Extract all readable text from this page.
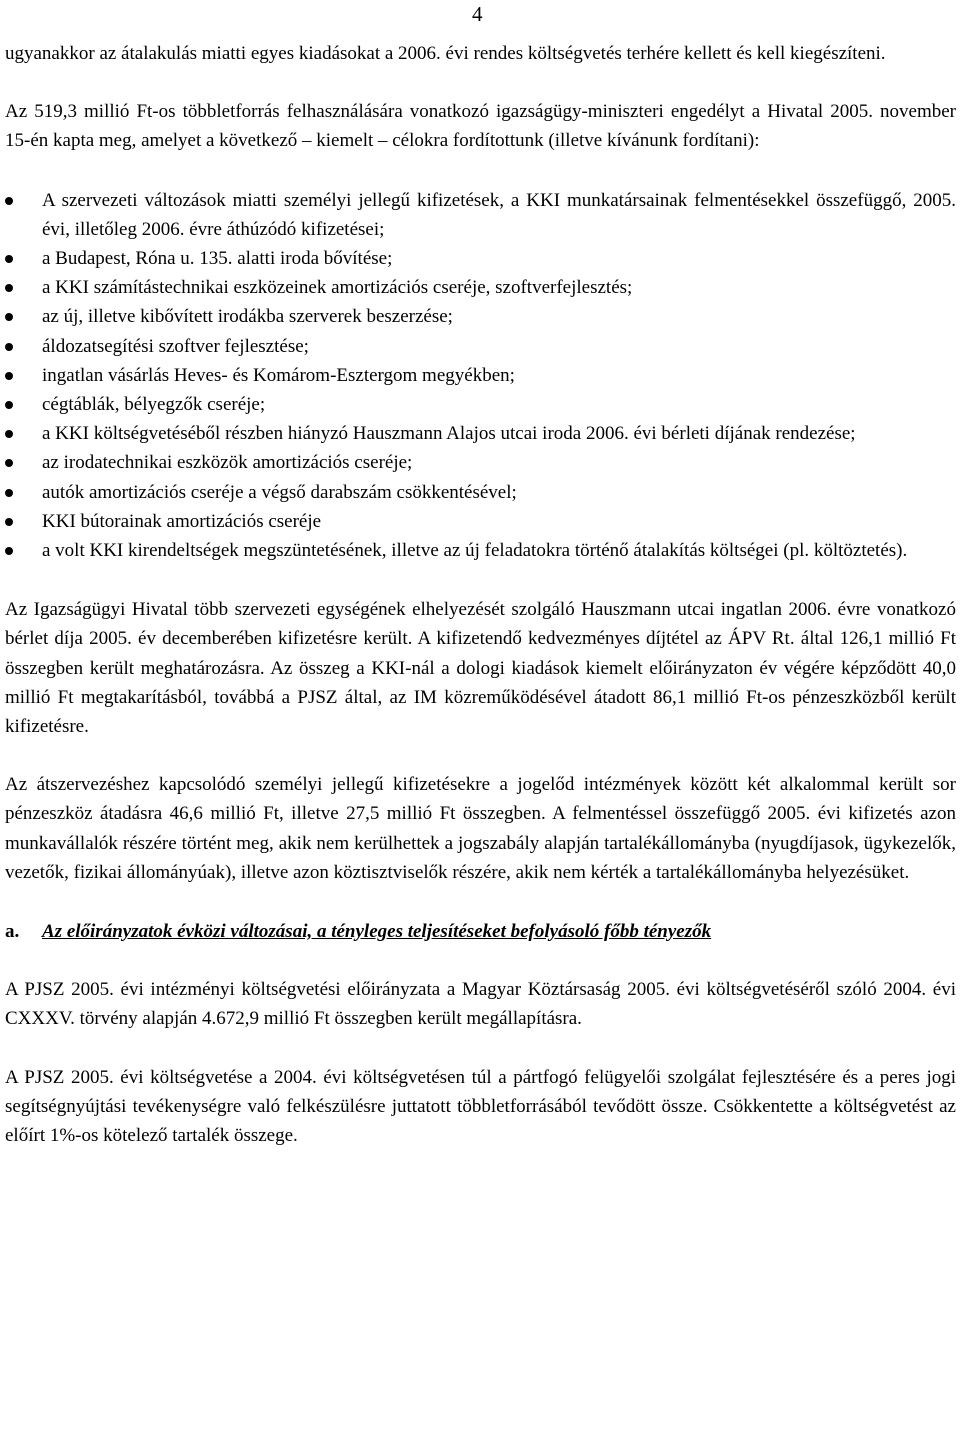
4

ugyanakkor az átalakulás miatti egyes kiadásokat a 2006. évi rendes költségvetés terhére kellett és kell kiegészíteni.

Az 519,3 millió Ft-os többletforrás felhasználására vonatkozó igazságügy-miniszteri engedélyt a Hivatal 2005. november 15-én kapta meg, amelyet a következő – kiemelt – célokra fordítottunk (illetve kívánunk fordítani):

A szervezeti változások miatti személyi jellegű kifizetések, a KKI munkatársainak felmentésekkel összefüggő, 2005. évi, illetőleg 2006. évre áthúzódó kifizetései;
a Budapest, Róna u. 135. alatti iroda bővítése;
a KKI számítástechnikai eszközeinek amortizációs cseréje, szoftverfejlesztés;
az új, illetve kibővített irodákba szerverek beszerzése;
áldozatsegítési szoftver fejlesztése;
ingatlan vásárlás Heves- és Komárom-Esztergom megyékben;
cégtáblák, bélyegzők cseréje;
a KKI költségvetéséből részben hiányzó Hauszmann Alajos utcai iroda 2006. évi bérleti díjának rendezése;
az irodatechnikai eszközök amortizációs cseréje;
autók amortizációs cseréje a végső darabszám csökkentésével;
KKI bútorainak amortizációs cseréje
a volt KKI kirendeltségek megszüntetésének, illetve az új feladatokra történő átalakítás költségei (pl. költöztetés).

Az Igazságügyi Hivatal több szervezeti egységének elhelyezését szolgáló Hauszmann utcai ingatlan 2006. évre vonatkozó bérlet díja 2005. év decemberében kifizetésre került. A kifizetendő kedvezményes díjtétel az ÁPV Rt. által 126,1 millió Ft összegben került meghatározásra. Az összeg a KKI-nál a dologi kiadások kiemelt előirányzaton év végére képződött 40,0 millió Ft megtakarításból, továbbá a PJSZ által, az IM közreműködésével átadott 86,1 millió Ft-os pénzeszközből került kifizetésre.

Az átszervezéshez kapcsolódó személyi jellegű kifizetésekre a jogelőd intézmények között két alkalommal került sor pénzeszköz átadásra 46,6 millió Ft, illetve 27,5 millió Ft összegben. A felmentéssel összefüggő 2005. évi kifizetés azon munkavállalók részére történt meg, akik nem kerülhettek a jogszabály alapján tartalékállományba (nyugdíjasok, ügykezelők, vezetők, fizikai állományúak), illetve azon köztisztviselők részére, akik nem kérték a tartalékállományba helyezésüket.

a. Az előirányzatok évközi változásai, a tényleges teljesítéseket befolyásoló főbb tényezők

A PJSZ 2005. évi intézményi költségvetési előirányzata a Magyar Köztársaság 2005. évi költségvetéséről szóló 2004. évi CXXXV. törvény alapján 4.672,9 millió Ft összegben került megállapításra.

A PJSZ 2005. évi költségvetése a 2004. évi költségvetésen túl a pártfogó felügyelői szolgálat fejlesztésére és a peres jogi segítségnyújtási tevékenységre való felkészülésre juttatott többletforrásából tevődött össze. Csökkentette a költségvetést az előírt 1%-os kötelező tartalék összege.
